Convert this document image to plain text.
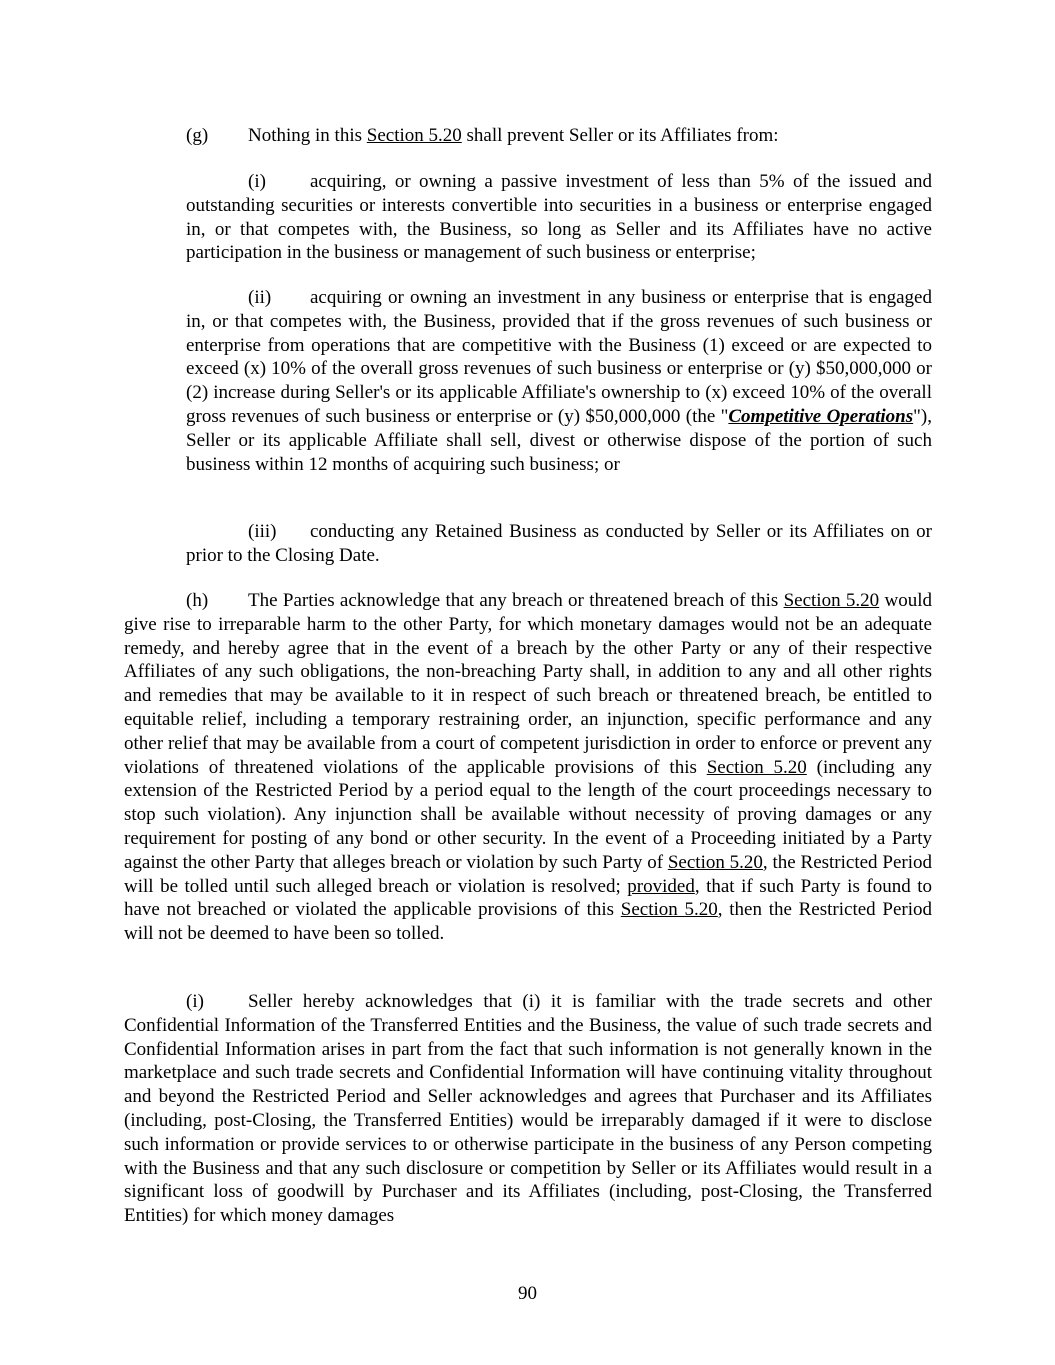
(g) Nothing in this Section 5.20 shall prevent Seller or its Affiliates from:

(i) acquiring, or owning a passive investment of less than 5% of the issued and outstanding securities or interests convertible into securities in a business or enterprise engaged in, or that competes with, the Business, so long as Seller and its Affiliates have no active participation in the business or management of such business or enterprise;

(ii) acquiring or owning an investment in any business or enterprise that is engaged in, or that competes with, the Business, provided that if the gross revenues of such business or enterprise from operations that are competitive with the Business (1) exceed or are expected to exceed (x) 10% of the overall gross revenues of such business or enterprise or (y) $50,000,000 or (2) increase during Seller's or its applicable Affiliate's ownership to (x) exceed 10% of the overall gross revenues of such business or enterprise or (y) $50,000,000 (the "Competitive Operations"), Seller or its applicable Affiliate shall sell, divest or otherwise dispose of the portion of such business within 12 months of acquiring such business; or

(iii) conducting any Retained Business as conducted by Seller or its Affiliates on or prior to the Closing Date.

(h) The Parties acknowledge that any breach or threatened breach of this Section 5.20 would give rise to irreparable harm to the other Party, for which monetary damages would not be an adequate remedy, and hereby agree that in the event of a breach by the other Party or any of their respective Affiliates of any such obligations, the non-breaching Party shall, in addition to any and all other rights and remedies that may be available to it in respect of such breach or threatened breach, be entitled to equitable relief, including a temporary restraining order, an injunction, specific performance and any other relief that may be available from a court of competent jurisdiction in order to enforce or prevent any violations of threatened violations of the applicable provisions of this Section 5.20 (including any extension of the Restricted Period by a period equal to the length of the court proceedings necessary to stop such violation). Any injunction shall be available without necessity of proving damages or any requirement for posting of any bond or other security. In the event of a Proceeding initiated by a Party against the other Party that alleges breach or violation by such Party of Section 5.20, the Restricted Period will be tolled until such alleged breach or violation is resolved; provided, that if such Party is found to have not breached or violated the applicable provisions of this Section 5.20, then the Restricted Period will not be deemed to have been so tolled.

(i) Seller hereby acknowledges that (i) it is familiar with the trade secrets and other Confidential Information of the Transferred Entities and the Business, the value of such trade secrets and Confidential Information arises in part from the fact that such information is not generally known in the marketplace and such trade secrets and Confidential Information will have continuing vitality throughout and beyond the Restricted Period and Seller acknowledges and agrees that Purchaser and its Affiliates (including, post-Closing, the Transferred Entities) would be irreparably damaged if it were to disclose such information or provide services to or otherwise participate in the business of any Person competing with the Business and that any such disclosure or competition by Seller or its Affiliates would result in a significant loss of goodwill by Purchaser and its Affiliates (including, post-Closing, the Transferred Entities) for which money damages

90
